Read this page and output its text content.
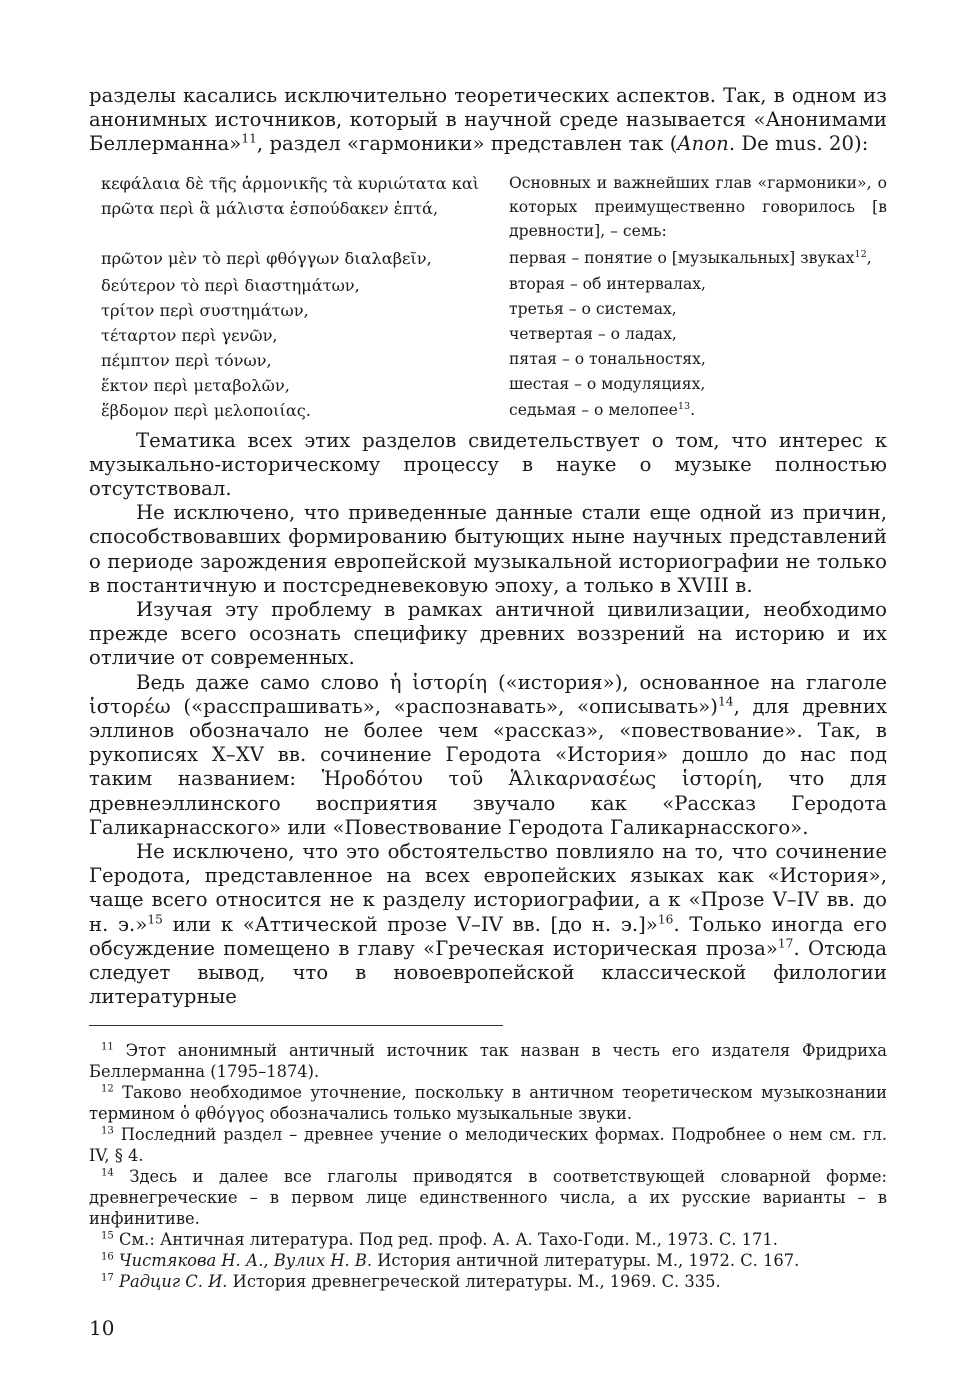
разделы касались исключительно теоретических аспектов. Так, в одном из анонимных источников, который в научной среде называется «Анонимами Беллерманна»$^{11}$, раздел «гармоники» представлен так (Anon. De mus. 20):

κεφάλαια δὲ τῆς ἁρμονικῆς τὰ κυριώτατα καὶ πρῶτα περὶ ἃ μάλιστα ἐσπούδακεν ἑπτά,	Основных и важнейших глав «гармоники», о которых преимущественно говорилось [в древности], – семь:
πρῶτον μὲν τὸ περὶ φθόγγων διαλαβεῖν,	первая – понятие о [музыкальных] звуках$^{12}$,
δεύτερον τὸ περὶ διαστημάτων,	вторая – об интервалах,
τρίτον περὶ συστημάτων,	третья – о системах,
τέταρτον περὶ γενῶν,	четвертая – о ладах,
πέμπτον περὶ τόνων,	пятая – о тональностях,
ἕκτον περὶ μεταβολῶν,	шестая – о модуляциях,
ἕβδομον περὶ μελοποιίας.	седьмая – о мелопее$^{13}$.

Тематика всех этих разделов свидетельствует о том, что интерес к музыкально-историческому процессу в науке о музыке полностью отсутствовал.

Не исключено, что приведенные данные стали еще одной из причин, способствовавших формированию бытующих ныне научных представлений о периоде зарождения европейской музыкальной историографии не только в постантичную и постсредневековую эпоху, а только в XVIII в.

Изучая эту проблему в рамках античной цивилизации, необходимо прежде всего осознать специфику древних воззрений на историю и их отличие от современных.

Ведь даже само слово ἡ ἱστορίη («история»), основанное на глаголе ἱστορέω («расспрашивать», «распознавать», «описывать»)$^{14}$, для древних эллинов обозначало не более чем «рассказ», «повествование». Так, в рукописях X–XV вв. сочинение Геродота «История» дошло до нас под таким названием: Ἡροδότου τοῦ Ἁλικαρνασέως ἱστορίη, что для древнеэллинского восприятия звучало как «Рассказ Геродота Галикарнасского» или «Повествование Геродота Галикарнасского».

Не исключено, что это обстоятельство повлияло на то, что сочинение Геродота, представленное на всех европейских языках как «История», чаще всего относится не к разделу историографии, а к «Прозе V–IV вв. до н. э.»$^{15}$ или к «Аттической прозе V–IV вв. [до н. э.]»$^{16}$. Только иногда его обсуждение помещено в главу «Греческая историческая проза»$^{17}$. Отсюда следует вывод, что в новоевропейской классической филологии литературные

$^{11}$ Этот анонимный античный источник так назван в честь его издателя Фридриха Беллерманна (1795–1874).

$^{12}$ Таково необходимое уточнение, поскольку в античном теоретическом музыкознании термином ὁ φθόγγος обозначались только музыкальные звуки.

$^{13}$ Последний раздел – древнее учение о мелодических формах. Подробнее о нем см. гл. IV, § 4.

$^{14}$ Здесь и далее все глаголы приводятся в соответствующей словарной форме: древнегреческие – в первом лице единственного числа, а их русские варианты – в инфинитиве.

$^{15}$ См.: Античная литература. Под ред. проф. А. А. Тахо-Годи. М., 1973. С. 171.

$^{16}$ Чистякова Н. А., Вулих Н. В. История античной литературы. М., 1972. С. 167.

$^{17}$ Радциг С. И. История древнегреческой литературы. М., 1969. С. 335.

10
